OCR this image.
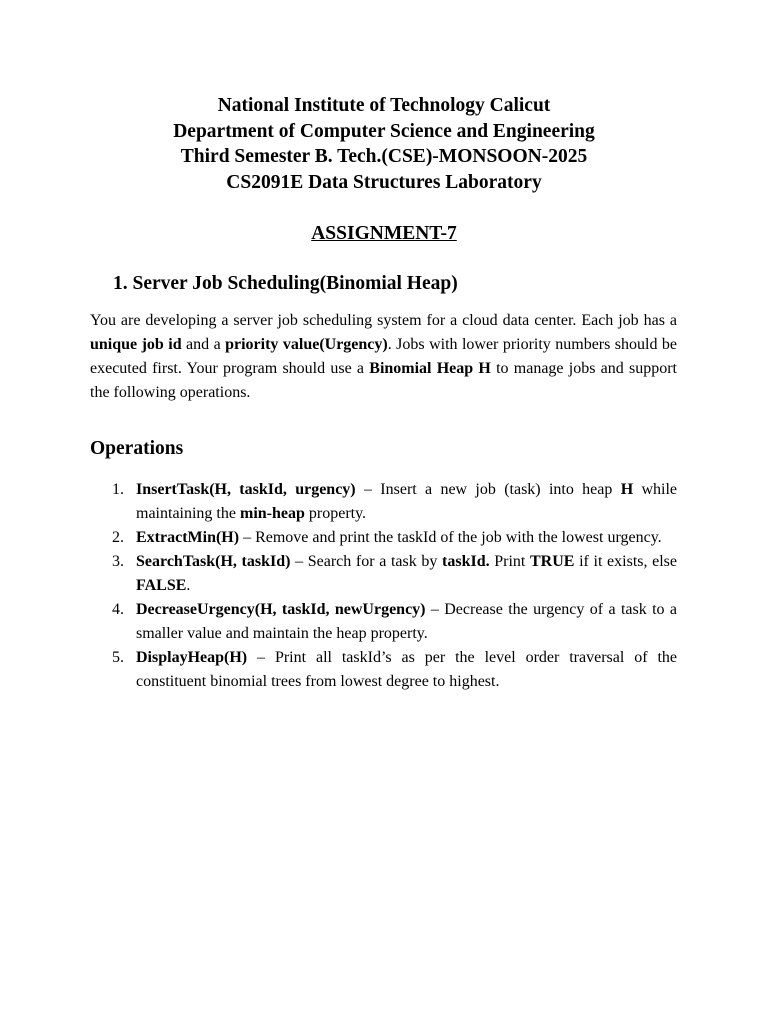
National Institute of Technology Calicut
Department of Computer Science and Engineering
Third Semester B. Tech.(CSE)-MONSOON-2025
CS2091E Data Structures Laboratory
ASSIGNMENT-7
1. Server Job Scheduling(Binomial Heap)

You are developing a server job scheduling system for a cloud data center. Each job has a unique job id and a priority value(Urgency). Jobs with lower priority numbers should be executed first. Your program should use a Binomial Heap H to manage jobs and support the following operations.

Operations
1. InsertTask(H, taskId, urgency) – Insert a new job (task) into heap H while maintaining the min-heap property.
2. ExtractMin(H) – Remove and print the taskId of the job with the lowest urgency.
3. SearchTask(H, taskId) – Search for a task by taskId. Print TRUE if it exists, else FALSE.
4. DecreaseUrgency(H, taskId, newUrgency) – Decrease the urgency of a task to a smaller value and maintain the heap property.
5. DisplayHeap(H) – Print all taskId’s as per the level order traversal of the constituent binomial trees from lowest degree to highest.
